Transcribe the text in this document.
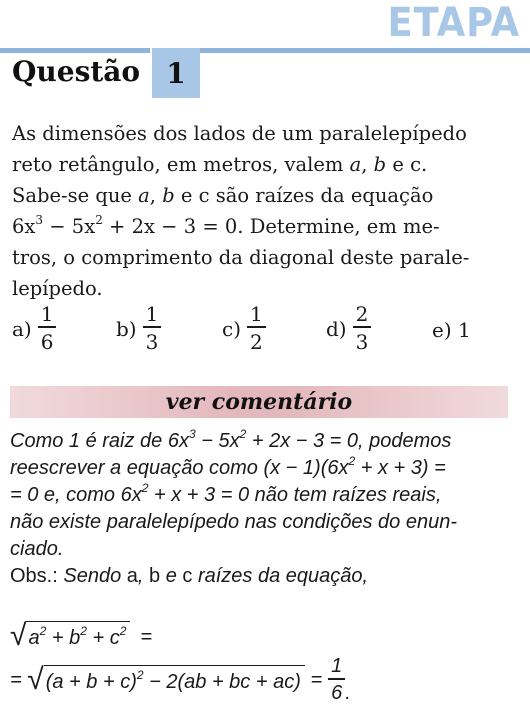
ETAPA
Questão 1
As dimensões dos lados de um paralelepípedo
reto retângulo, em metros, valem a, b e c.
Sabe-se que a, b e c são raízes da equação
$6x^3 - 5x^2 + 2x - 3 = 0$. Determine, em me-
tros, o comprimento da diagonal deste parale-
lepípedo.
$a) \frac{1}{6}$	$b) \frac{1}{3}$	$c) \frac{1}{2}$	$d) \frac{2}{3}$	e)
1
ver comentário
Como 1 é raiz de $6x^3 - 5x^2 + 2x - 3 = 0$, podemos
reescrever a equação como $(x - 1)(6x^2 + x + 3)$ =
= 0 e, como $6x^2 + x + 3 = 0$ não tem raízes reais,
não existe paralelepípedo nas condições do enun-
ciado.
Obs.: Sendo a, b e c raízes da equação,
√ $a^2 + b^2 + c^2$ =
=
√ $(a + b + c)^2 - 2(ab$ + bc + ac)
= $\frac{1}{6}$ .
